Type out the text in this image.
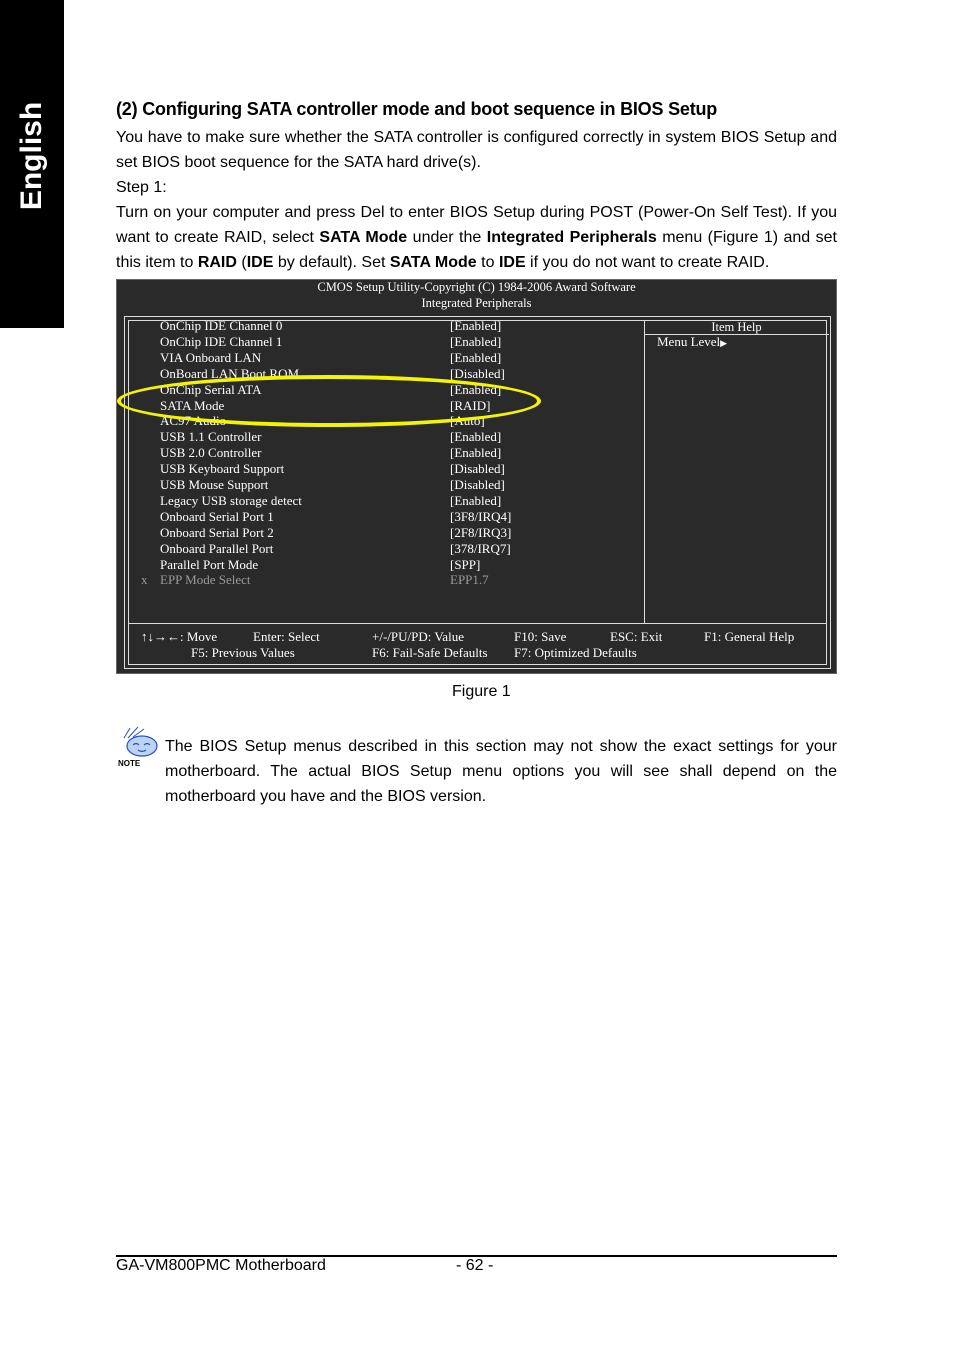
English	(2) Configuring SATA controller mode and boot sequence in BIOS Setup
You have to make sure whether the SATA controller is configured correctly in system BIOS Setup and set BIOS boot sequence for the SATA hard drive(s).
Step 1:
Turn on your computer and press Del to enter BIOS Setup during POST (Power-On Self Test). If you want to create RAID, select SATA Mode under the Integrated Peripherals menu (Figure 1) and set this item to RAID (IDE by default). Set SATA Mode to IDE if you do not want to create RAID.
CMOS Setup Utility-Copyright (C) 1984-2006 Award Software
Integrated Peripherals
Item Help
Menu Level▶
OnChip IDE Channel 0	[Enabled]
OnChip IDE Channel 1	[Enabled]
VIA Onboard LAN	[Enabled]
OnBoard LAN Boot ROM	[Disabled]
OnChip Serial ATA	[Enabled]
SATA Mode	[RAID]
AC97 Audio	[Auto]
USB 1.1 Controller	[Enabled]
USB 2.0 Controller	[Enabled]
USB Keyboard Support	[Disabled]
USB Mouse Support	[Disabled]
Legacy USB storage detect	[Enabled]
Onboard Serial Port 1	[3F8/IRQ4]
Onboard Serial Port 2	[2F8/IRQ3]
Onboard Parallel Port	[378/IRQ7]
Parallel Port Mode	[SPP]
x EPP Mode Select	EPP1.7
↑↓→←: Move	Enter: Select	+/-/PU/PD: Value	F10: Save	ESC: Exit	F1: General Help
F5: Previous Values	F6: Fail-Safe Defaults F7: Optimized Defaults
Figure 1
NOTE
The BIOS Setup menus described in this section may not show the exact settings for your motherboard. The actual BIOS Setup menu options you will see shall depend on the motherboard you have and the BIOS version.
GA-VM800PMC Motherboard	- 62 -
